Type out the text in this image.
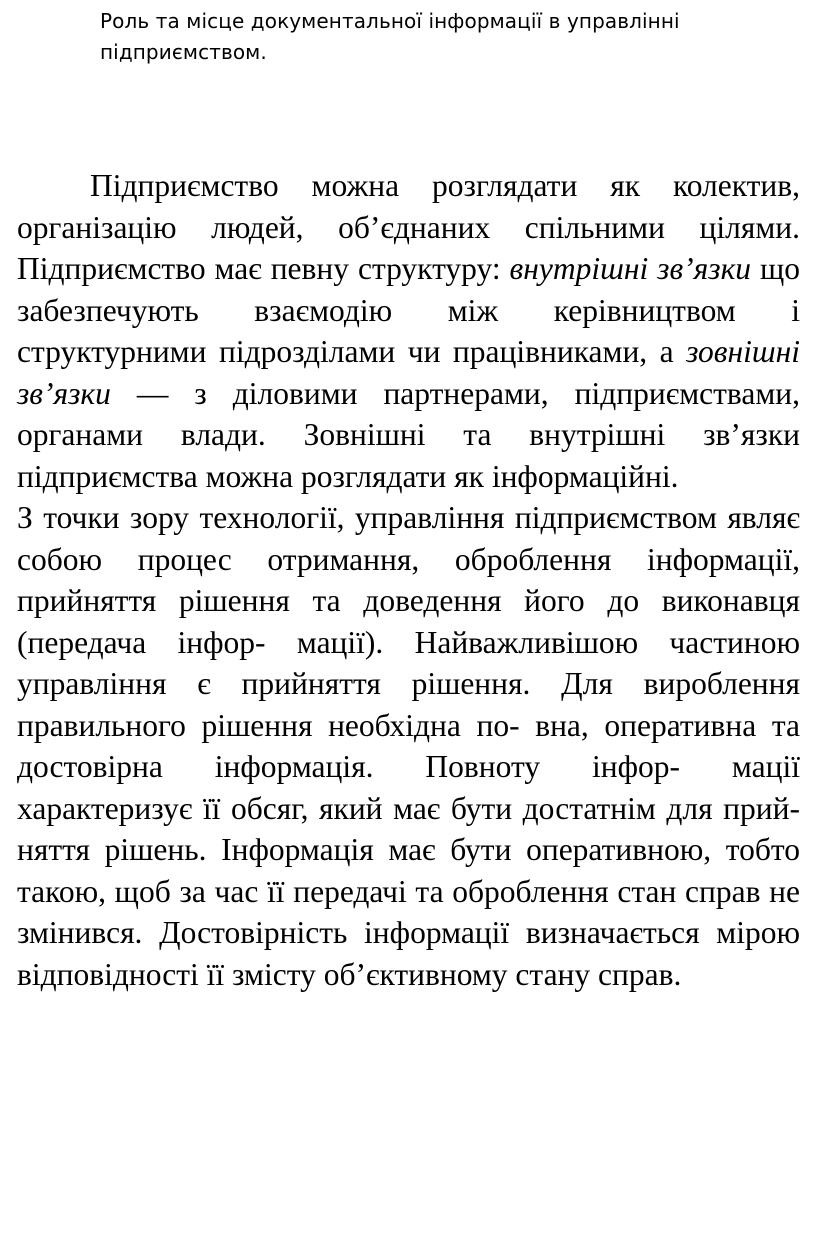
Роль та місце документальної інформації в управлінні підприємством.

Підприємство можна розглядати як колектив, організацію людей, об’єднаних спільними цілями. Підприємство має певну структуру: внутрішні зв’язки що забезпечують взаємодію між керівництвом і структурними підрозділами чи працівниками, а зовнішні зв’язки — з діловими партнерами, підприємствами, органами влади. Зовнішні та внутрішні зв’язки підприємства можна розглядати як інформаційні.

З точки зору технології, управління підприємством являє собою процес отримання, оброблення інформації, прийняття рішення та доведення його до виконавця (передача інфор- мації). Найважливішою частиною управління є прийняття рішення. Для вироблення правильного рішення необхідна по- вна, оперативна та достовірна інформація. Повноту інфор- мації характеризує її обсяг, який має бути достатнім для прий- няття рішень. Інформація має бути оперативною, тобто такою, щоб за час її передачі та оброблення стан справ не змінився. Достовірність інформації визначається мірою відповідності її змісту об’єктивному стану справ.
